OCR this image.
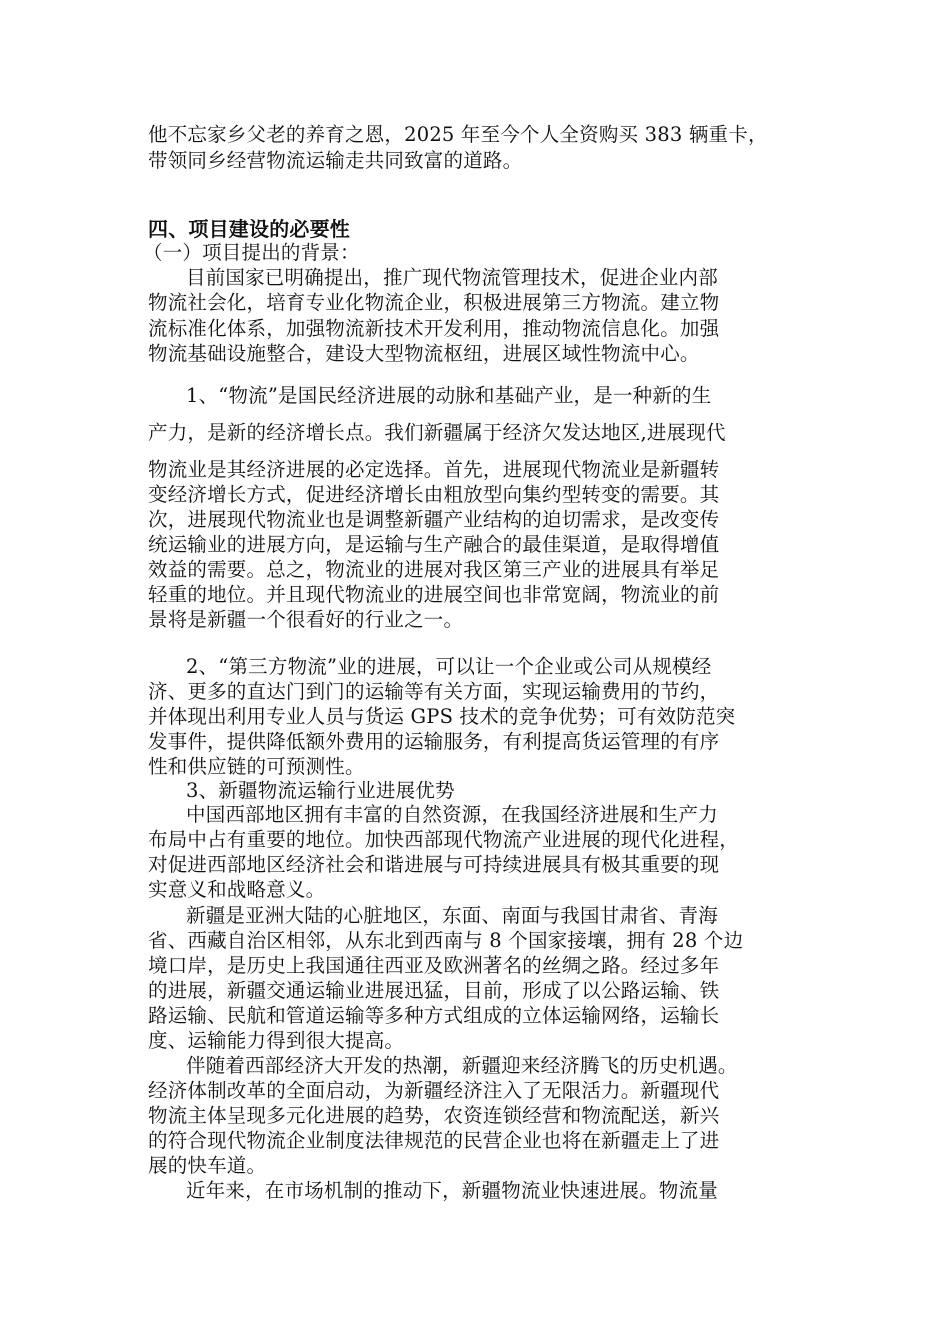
他不忘家乡父老的养育之恩，2025 年至今个人全资购买 383 辆重卡，
带领同乡经营物流运输走共同致富的道路。
四、项目建设的必要性
（一）项目提出的背景：
目前国家已明确提出，推广现代物流管理技术，促进企业内部
物流社会化，培育专业化物流企业，积极进展第三方物流。建立物
流标准化体系，加强物流新技术开发利用，推动物流信息化。加强
物流基础设施整合，建设大型物流枢纽，进展区域性物流中心。
1、“物流”是国民经济进展的动脉和基础产业，是一种新的生
产力，是新的经济增长点。我们新疆属于经济欠发达地区,进展现代
物流业是其经济进展的必定选择。首先，进展现代物流业是新疆转
变经济增长方式，促进经济增长由粗放型向集约型转变的需要。其
次，进展现代物流业也是调整新疆产业结构的迫切需求，是改变传
统运输业的进展方向，是运输与生产融合的最佳渠道，是取得增值
效益的需要。总之，物流业的进展对我区第三产业的进展具有举足
轻重的地位。并且现代物流业的进展空间也非常宽阔，物流业的前
景将是新疆一个很看好的行业之一。
2、“第三方物流”业的进展，可以让一个企业或公司从规模经
济、更多的直达门到门的运输等有关方面，实现运输费用的节约，
并体现出利用专业人员与货运 GPS 技术的竞争优势；可有效防范突
发事件，提供降低额外费用的运输服务，有利提高货运管理的有序
性和供应链的可预测性。
3、新疆物流运输行业进展优势
中国西部地区拥有丰富的自然资源，在我国经济进展和生产力
布局中占有重要的地位。加快西部现代物流产业进展的现代化进程，
对促进西部地区经济社会和谐进展与可持续进展具有极其重要的现
实意义和战略意义。
新疆是亚洲大陆的心脏地区，东面、南面与我国甘肃省、青海
省、西藏自治区相邻，从东北到西南与 8 个国家接壤，拥有 28 个边
境口岸，是历史上我国通往西亚及欧洲著名的丝绸之路。经过多年
的进展，新疆交通运输业进展迅猛，目前，形成了以公路运输、铁
路运输、民航和管道运输等多种方式组成的立体运输网络，运输长
度、运输能力得到很大提高。
伴随着西部经济大开发的热潮，新疆迎来经济腾飞的历史机遇。
经济体制改革的全面启动，为新疆经济注入了无限活力。新疆现代
物流主体呈现多元化进展的趋势，农资连锁经营和物流配送，新兴
的符合现代物流企业制度法律规范的民营企业也将在新疆走上了进
展的快车道。
近年来，在市场机制的推动下，新疆物流业快速进展。物流量
